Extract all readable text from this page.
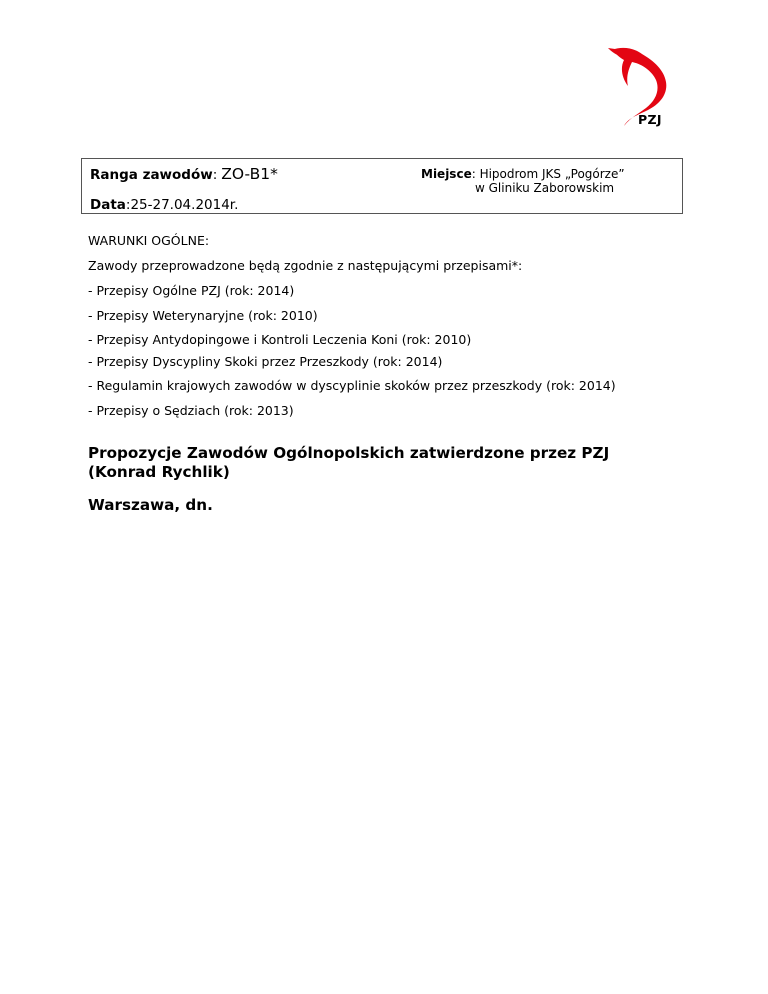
PZJ
Ranga zawodów: ZO-B1*
Data:25-27.04.2014r.
Miejsce: Hipodrom JKS „Pogórze”
w Gliniku Zaborowskim
WARUNKI OGÓLNE:
Zawody przeprowadzone będą zgodnie z następującymi przepisami*:
- Przepisy Ogólne PZJ (rok: 2014)
- Przepisy Weterynaryjne (rok: 2010)
- Przepisy Antydopingowe i Kontroli Leczenia Koni (rok: 2010)
- Przepisy Dyscypliny Skoki przez Przeszkody (rok: 2014)
- Regulamin krajowych zawodów w dyscyplinie skoków przez przeszkody (rok: 2014)
- Przepisy o Sędziach (rok: 2013)
Propozycje Zawodów Ogólnopolskich zatwierdzone przez PZJ
(Konrad Rychlik)
Warszawa, dn.
